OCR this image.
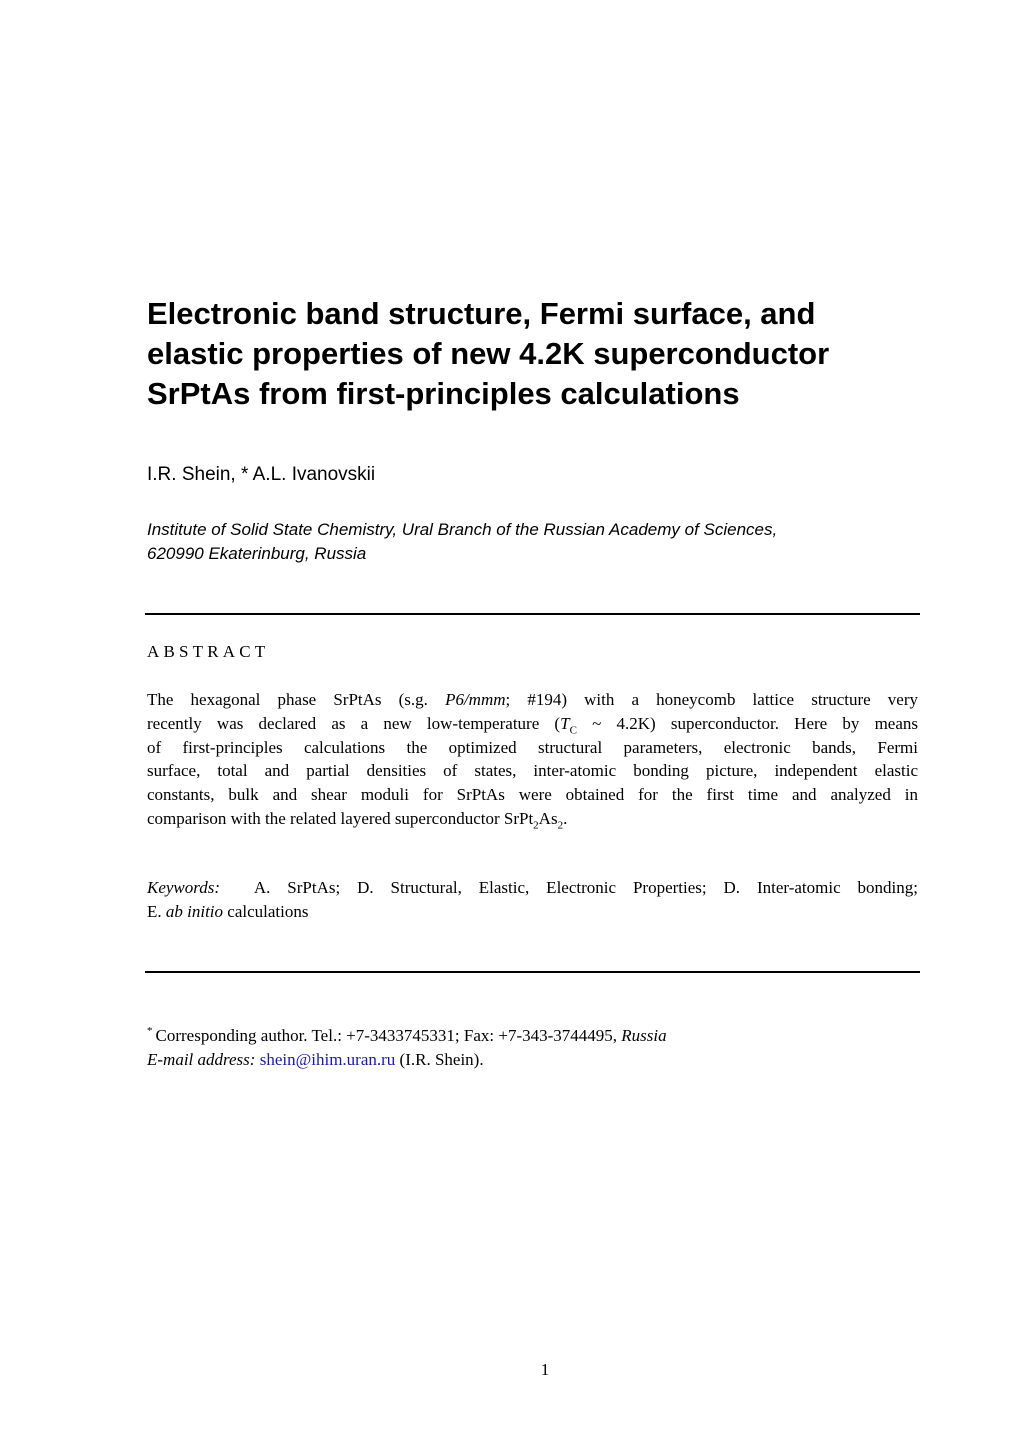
Electronic band structure, Fermi surface, and
elastic properties of new 4.2K superconductor
SrPtAs from first-principles calculations
I.R. Shein, * A.L. Ivanovskii
Institute of Solid State Chemistry, Ural Branch of the Russian Academy of Sciences,
620990 Ekaterinburg, Russia
ABSTRACT
The hexagonal phase SrPtAs (s.g. P6/mmm; #194) with a honeycomb lattice structure very
recently was declared as a new low-temperature ($T_C$ ~ 4.2K) superconductor. Here by means
of first-principles calculations the optimized structural parameters, electronic bands, Fermi
surface, total and partial densities of states, inter-atomic bonding picture, independent elastic
constants, bulk and shear moduli for SrPtAs were obtained for the first time and analyzed in
comparison with the related layered superconductor $SrPt_2As_2$.
Keywords: A. SrPtAs; D. Structural, Elastic, Electronic Properties; D. Inter-atomic bonding;
E. ab initio calculations
* Corresponding author. Tel.: +7-3433745331; Fax: +7-343-3744495, Russia
E-mail address: shein@ihim.uran.ru (I.R. Shein).
1
